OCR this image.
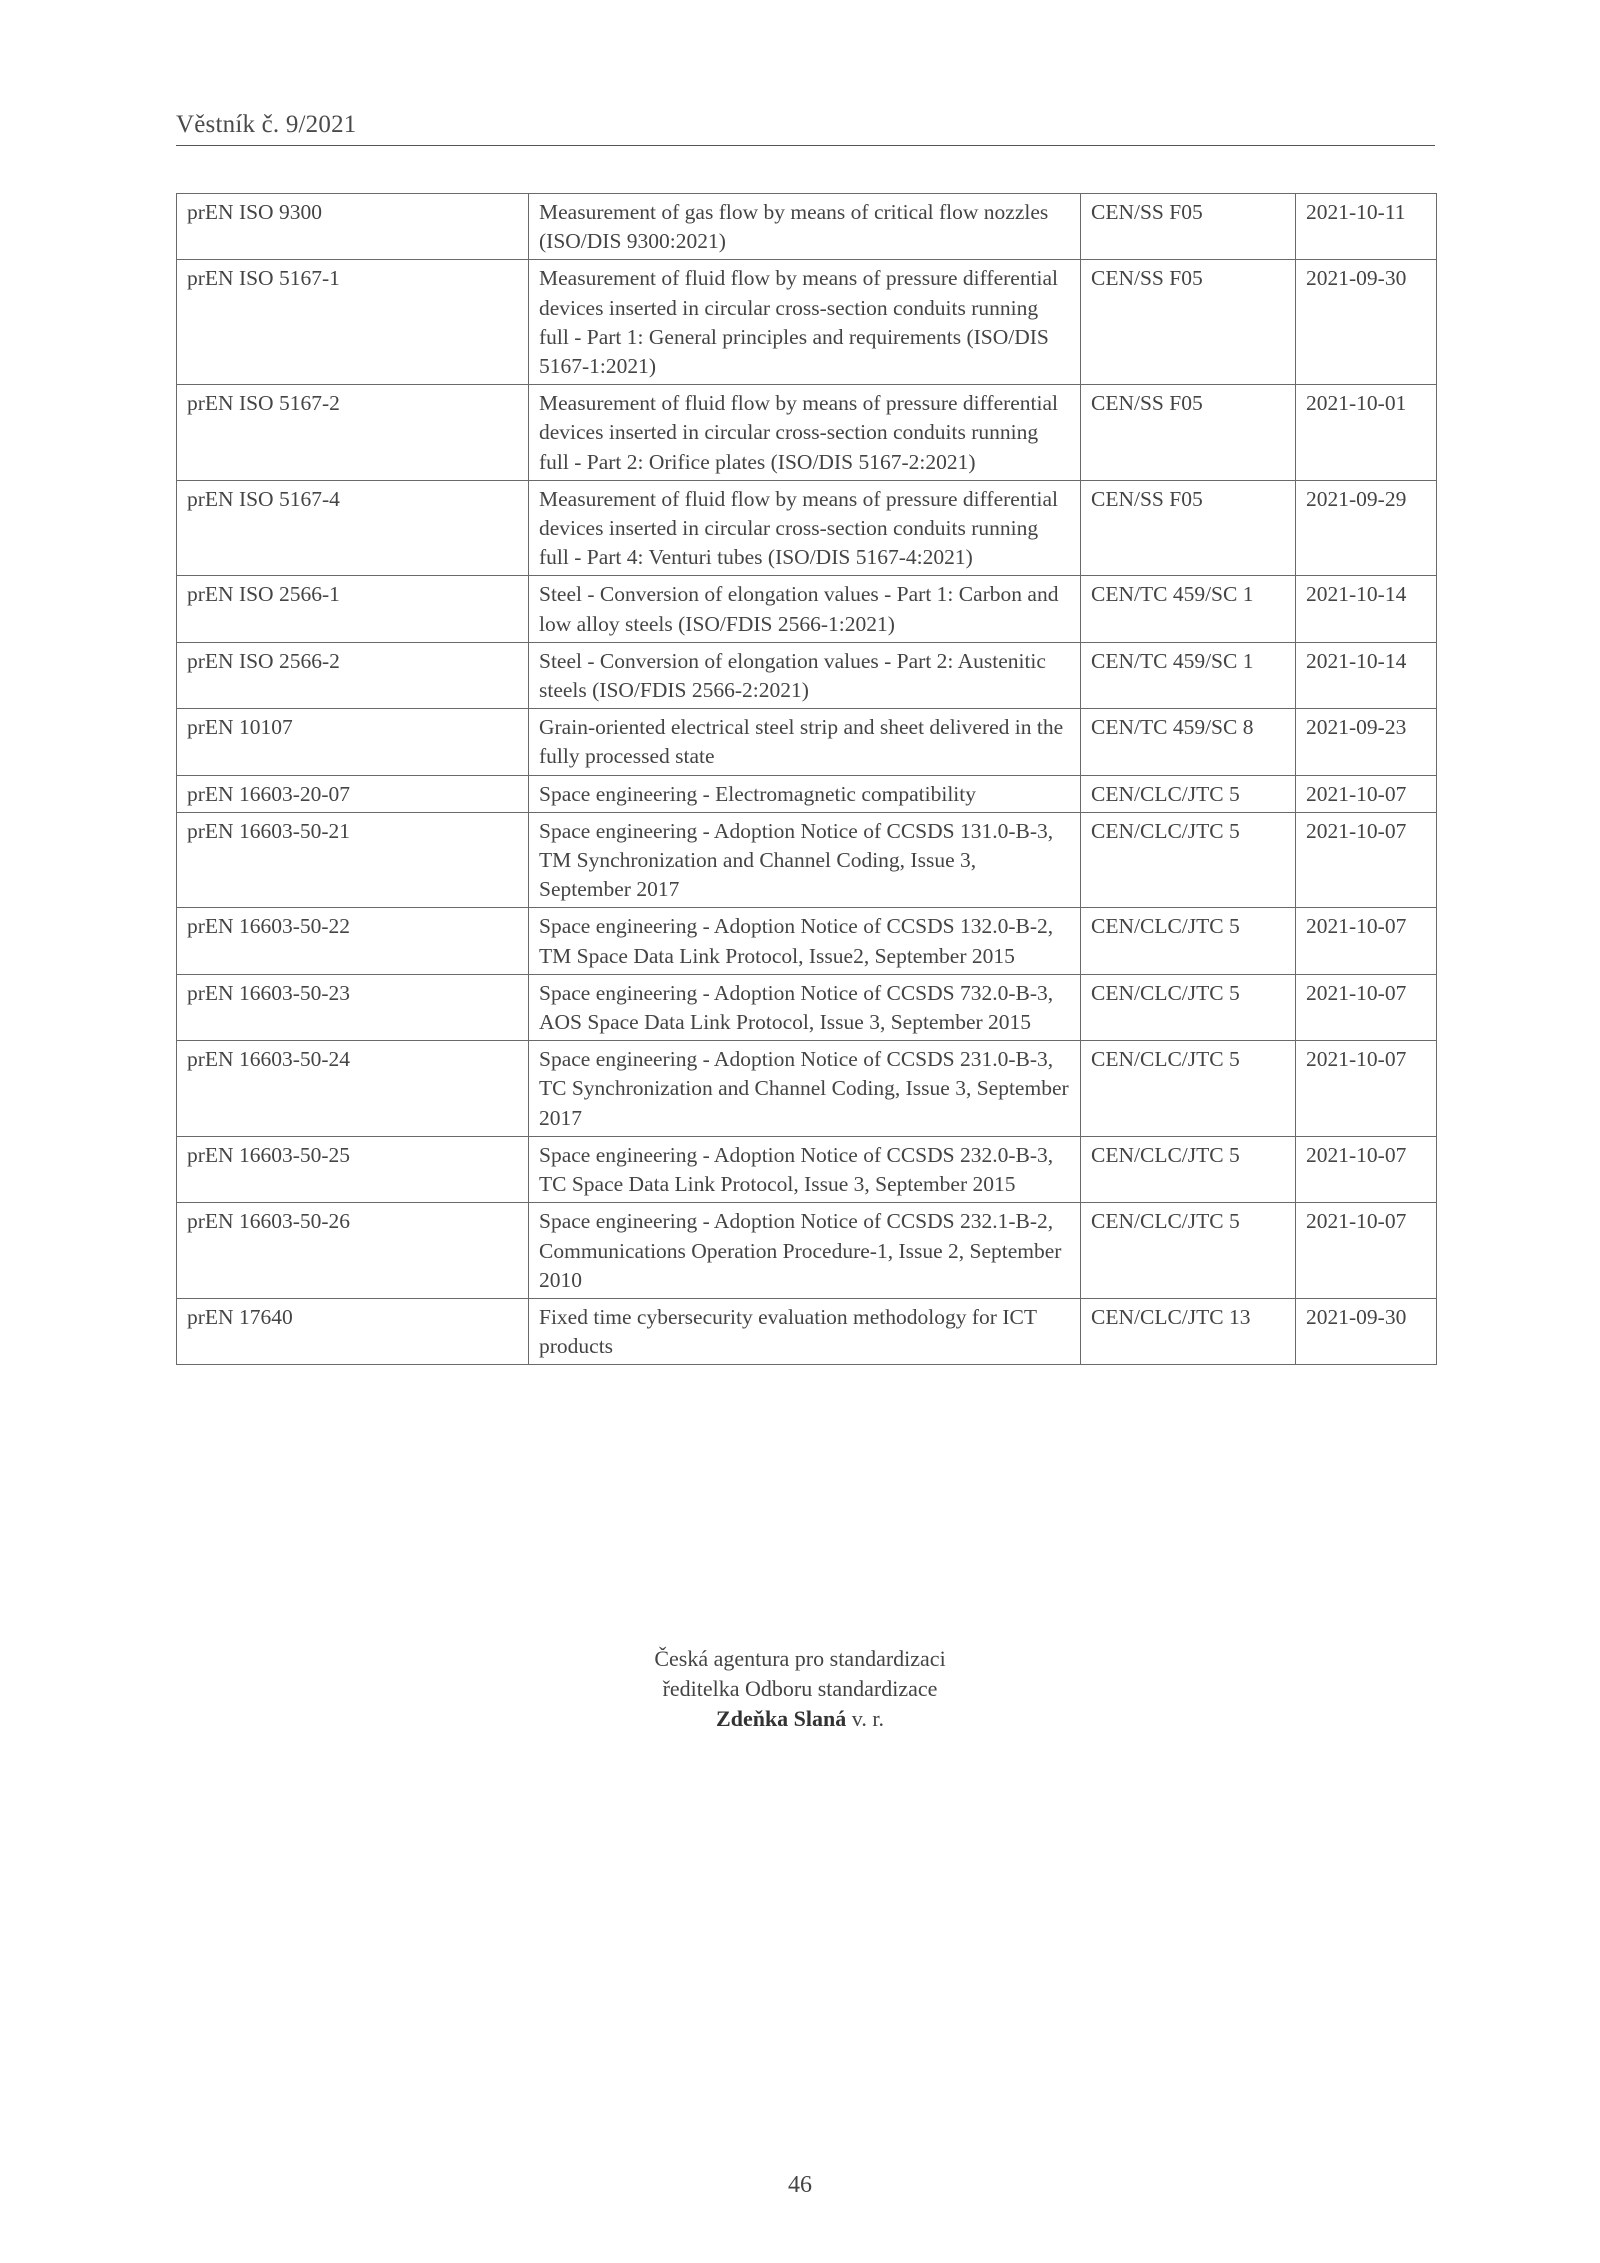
Věstník č. 9/2021
prEN ISO 9300	Measurement of gas flow by means of critical flow nozzles (ISO/DIS 9300:2021)	CEN/SS F05	2021-10-11
prEN ISO 5167-1	Measurement of fluid flow by means of pressure differential devices inserted in circular cross-section conduits running full - Part 1: General principles and requirements (ISO/DIS 5167-1:2021)	CEN/SS F05	2021-09-30
prEN ISO 5167-2	Measurement of fluid flow by means of pressure differential devices inserted in circular cross-section conduits running full - Part 2: Orifice plates (ISO/DIS 5167-2:2021)	CEN/SS F05	2021-10-01
prEN ISO 5167-4	Measurement of fluid flow by means of pressure differential devices inserted in circular cross-section conduits running full - Part 4: Venturi tubes (ISO/DIS 5167-4:2021)	CEN/SS F05	2021-09-29
prEN ISO 2566-1	Steel - Conversion of elongation values - Part 1: Carbon and low alloy steels (ISO/FDIS 2566-1:2021)	CEN/TC 459/SC 1	2021-10-14
prEN ISO 2566-2	Steel - Conversion of elongation values - Part 2: Austenitic steels (ISO/FDIS 2566-2:2021)	CEN/TC 459/SC 1	2021-10-14
prEN 10107	Grain-oriented electrical steel strip and sheet delivered in the fully processed state	CEN/TC 459/SC 8	2021-09-23
prEN 16603-20-07	Space engineering - Electromagnetic compatibility	CEN/CLC/JTC 5	2021-10-07
prEN 16603-50-21	Space engineering - Adoption Notice of CCSDS 131.0-B-3, TM Synchronization and Channel Coding, Issue 3, September 2017	CEN/CLC/JTC 5	2021-10-07
prEN 16603-50-22	Space engineering - Adoption Notice of CCSDS 132.0-B-2, TM Space Data Link Protocol, Issue2, September 2015	CEN/CLC/JTC 5	2021-10-07
prEN 16603-50-23	Space engineering - Adoption Notice of CCSDS 732.0-B-3, AOS Space Data Link Protocol, Issue 3, September 2015	CEN/CLC/JTC 5	2021-10-07
prEN 16603-50-24	Space engineering - Adoption Notice of CCSDS 231.0-B-3, TC Synchronization and Channel Coding, Issue 3, September 2017	CEN/CLC/JTC 5	2021-10-07
prEN 16603-50-25	Space engineering - Adoption Notice of CCSDS 232.0-B-3, TC Space Data Link Protocol, Issue 3, September 2015	CEN/CLC/JTC 5	2021-10-07
prEN 16603-50-26	Space engineering - Adoption Notice of CCSDS 232.1-B-2, Communications Operation Procedure-1, Issue 2, September 2010	CEN/CLC/JTC 5	2021-10-07
prEN 17640	Fixed time cybersecurity evaluation methodology for ICT products	CEN/CLC/JTC 13	2021-09-30
Česká agentura pro standardizaci
ředitelka Odboru standardizace
Zdeňka Slaná v. r.
46
